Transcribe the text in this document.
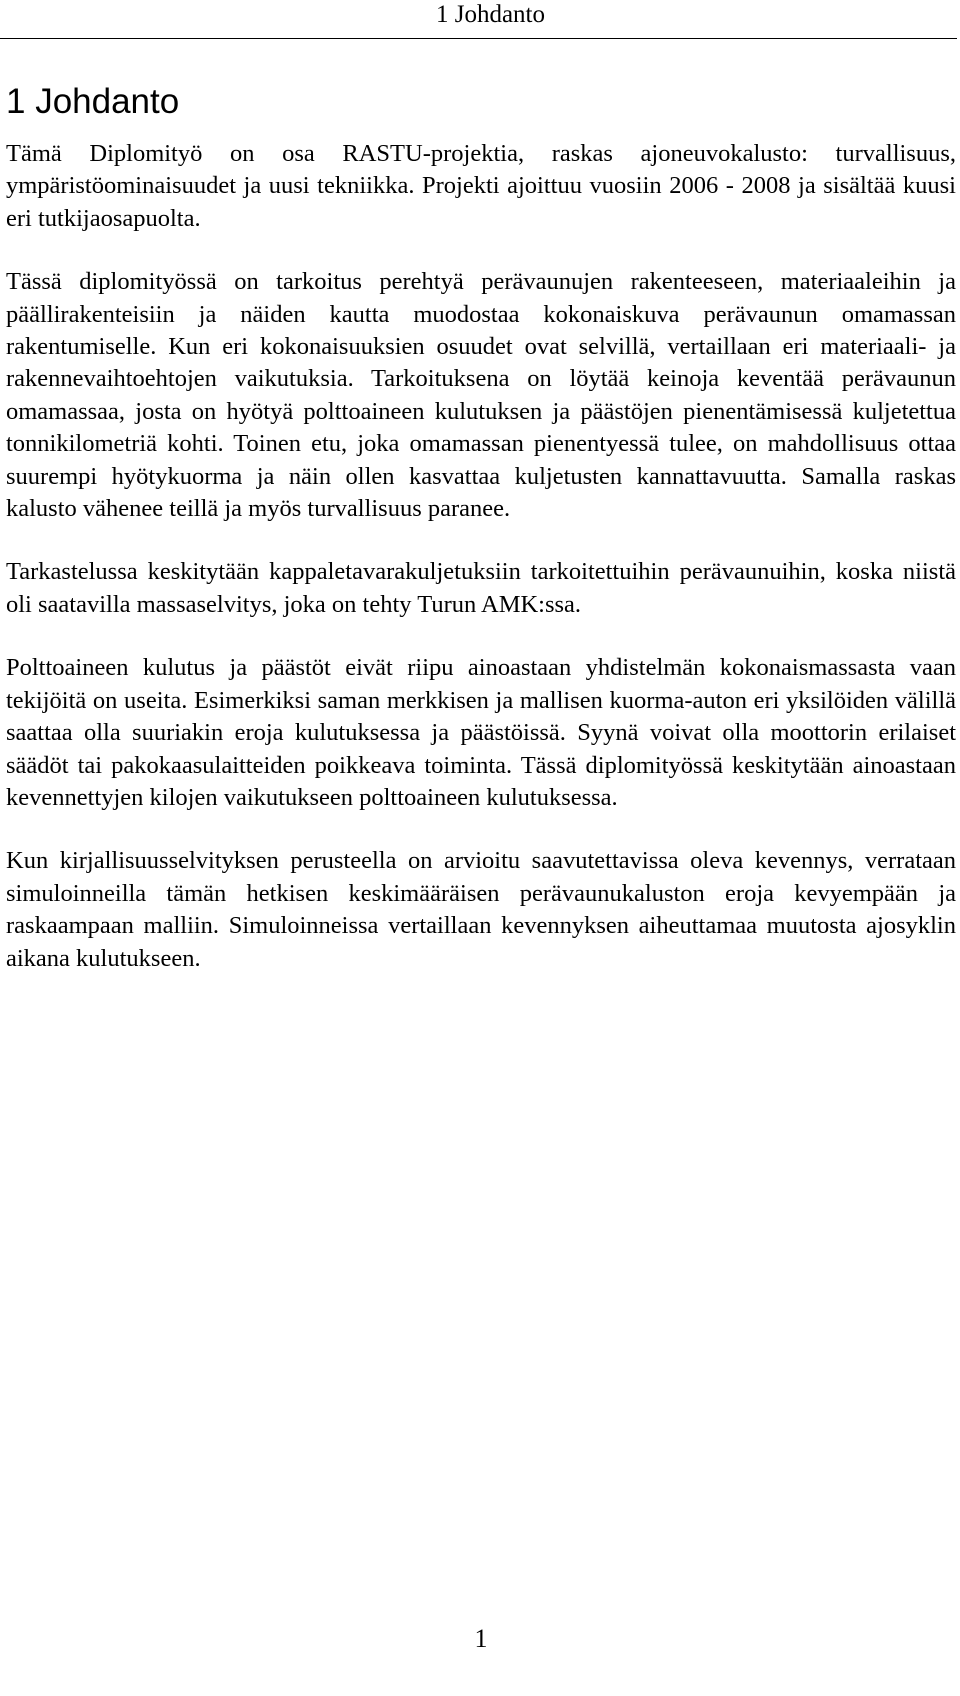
1 Johdanto
1 Johdanto

Tämä Diplomityö on osa RASTU-projektia, raskas ajoneuvokalusto: turvallisuus, ympäristöominaisuudet ja uusi tekniikka. Projekti ajoittuu vuosiin 2006 - 2008 ja sisältää kuusi eri tutkijaosapuolta.

Tässä diplomityössä on tarkoitus perehtyä perävaunujen rakenteeseen, materiaaleihin ja päällirakenteisiin ja näiden kautta muodostaa kokonaiskuva perävaunun omamassan rakentumiselle. Kun eri kokonaisuuksien osuudet ovat selvillä, vertaillaan eri materiaali- ja rakennevaihtoehtojen vaikutuksia. Tarkoituksena on löytää keinoja keventää perävaunun omamassaa, josta on hyötyä polttoaineen kulutuksen ja päästöjen pienentämisessä kuljetettua tonnikilometriä kohti. Toinen etu, joka omamassan pienentyessä tulee, on mahdollisuus ottaa suurempi hyötykuorma ja näin ollen kasvattaa kuljetusten kannattavuutta. Samalla raskas kalusto vähenee teillä ja myös turvallisuus paranee.

Tarkastelussa keskitytään kappaletavarakuljetuksiin tarkoitettuihin perävaunuihin, koska niistä oli saatavilla massaselvitys, joka on tehty Turun AMK:ssa.

Polttoaineen kulutus ja päästöt eivät riipu ainoastaan yhdistelmän kokonaismassasta vaan tekijöitä on useita. Esimerkiksi saman merkkisen ja mallisen kuorma-auton eri yksilöiden välillä saattaa olla suuriakin eroja kulutuksessa ja päästöissä. Syynä voivat olla moottorin erilaiset säädöt tai pakokaasulaitteiden poikkeava toiminta. Tässä diplomityössä keskitytään ainoastaan kevennettyjen kilojen vaikutukseen polttoaineen kulutuksessa.

Kun kirjallisuusselvityksen perusteella on arvioitu saavutettavissa oleva kevennys, verrataan simuloinneilla tämän hetkisen keskimääräisen perävaunukaluston eroja kevyempään ja raskaampaan malliin. Simuloinneissa vertaillaan kevennyksen aiheuttamaa muutosta ajosyklin aikana kulutukseen.

1
